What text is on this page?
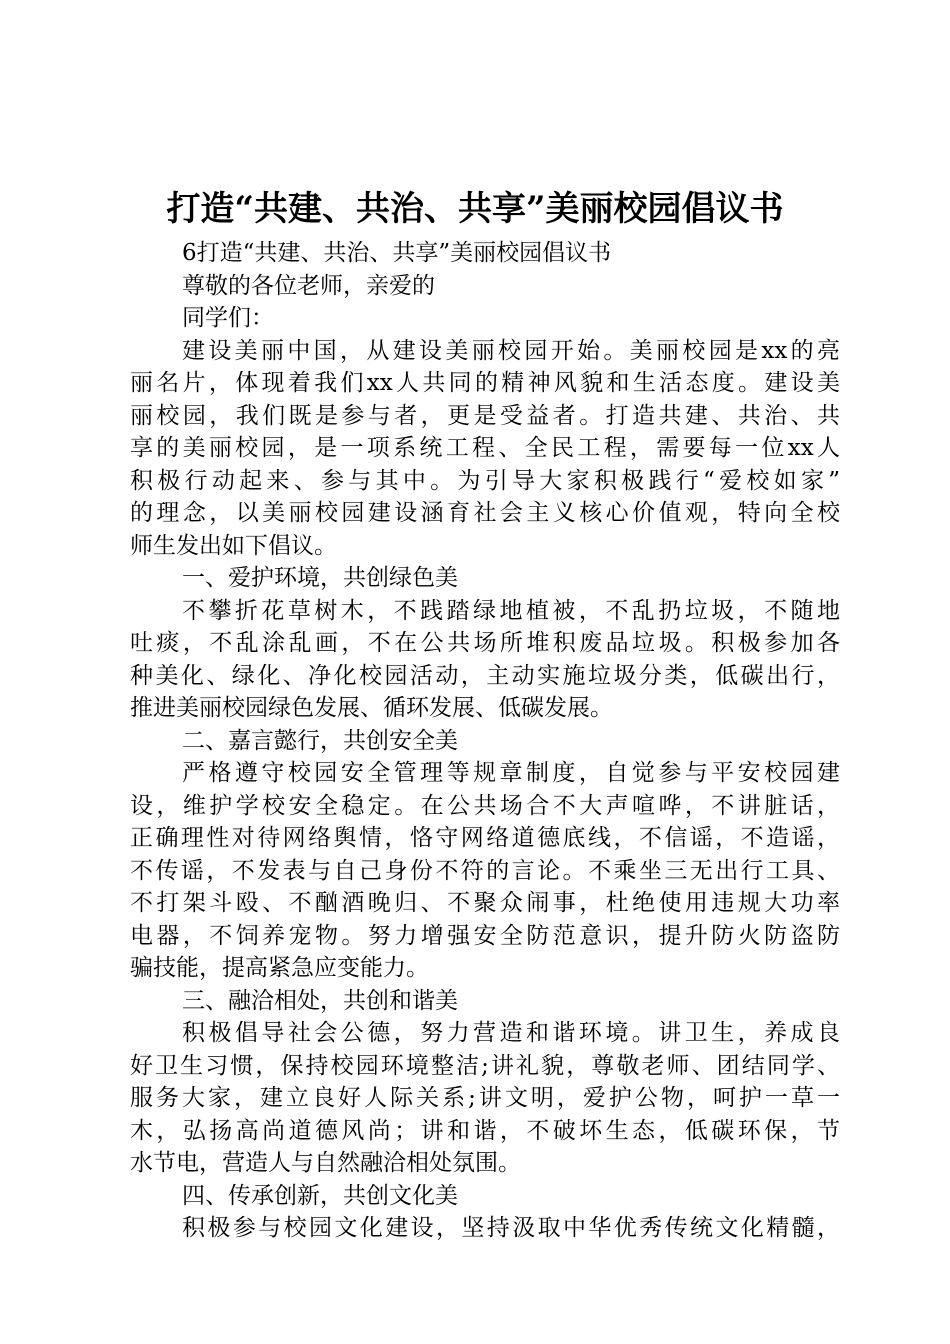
打造“共建、共治、共享”美丽校园倡议书
6打造“共建、共治、共享”美丽校园倡议书
尊敬的各位老师，亲爱的
同学们：
建设美丽中国，从建设美丽校园开始。美丽校园是xx的亮
丽名片，体现着我们xx人共同的精神风貌和生活态度。建设美
丽校园，我们既是参与者，更是受益者。打造共建、共治、共
享的美丽校园，是一项系统工程、全民工程，需要每一位xx人
积极行动起来、参与其中。为引导大家积极践行“爱校如家”
的理念，以美丽校园建设涵育社会主义核心价值观，特向全校
师生发出如下倡议。
一、爱护环境，共创绿色美
不攀折花草树木，不践踏绿地植被，不乱扔垃圾，不随地
吐痰，不乱涂乱画，不在公共场所堆积废品垃圾。积极参加各
种美化、绿化、净化校园活动，主动实施垃圾分类，低碳出行，
推进美丽校园绿色发展、循环发展、低碳发展。
二、嘉言懿行，共创安全美
严格遵守校园安全管理等规章制度，自觉参与平安校园建
设，维护学校安全稳定。在公共场合不大声喧哗，不讲脏话，
正确理性对待网络舆情，恪守网络道德底线，不信谣，不造谣，
不传谣，不发表与自己身份不符的言论。不乘坐三无出行工具、
不打架斗殴、不酗酒晚归、不聚众闹事，杜绝使用违规大功率
电器，不饲养宠物。努力增强安全防范意识，提升防火防盗防
骗技能，提高紧急应变能力。
三、融洽相处，共创和谐美
积极倡导社会公德，努力营造和谐环境。讲卫生，养成良
好卫生习惯，保持校园环境整洁;讲礼貌，尊敬老师、团结同学、
服务大家，建立良好人际关系;讲文明，爱护公物，呵护一草一
木，弘扬高尚道德风尚；讲和谐，不破坏生态，低碳环保，节
水节电，营造人与自然融洽相处氛围。
四、传承创新，共创文化美
积极参与校园文化建设，坚持汲取中华优秀传统文化精髓，
